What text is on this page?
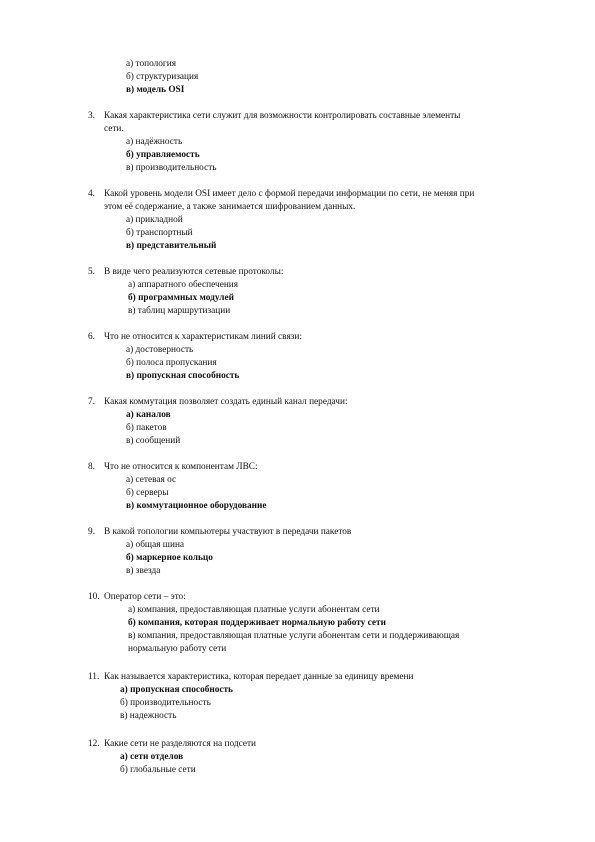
а) топология
б) структуризация
в) модель OSI
3. Какая характеристика сети служит для возможности контролировать составные элементы
сети.
а) надёжность
б) управляемость
в) производительность
4. Какой уровень модели OSI имеет дело с формой передачи информации по сети, не меняя при
этом её содержание, а также занимается шифрованием данных.
а) прикладной
б) транспортный
в) представительный
5. В виде чего реализуются сетевые протоколы:
а) аппаратного обеспечения
б) программных модулей
в) таблиц маршрутизации
6. Что не относится к характеристикам линий связи:
а) достоверность
б) полоса пропускания
в) пропускная способность
7. Какая коммутация позволяет создать единый канал передачи:
а) каналов
б) пакетов
в) сообщений
8. Что не относится к компонентам ЛВС:
а) сетевая ос
б) серверы
в) коммутационное оборудование
9. В какой топологии компьютеры участвуют в передачи пакетов
а) общая шина
б) маркерное кольцо
в) звезда
10. Оператор сети – это:
а) компания, предоставляющая платные услуги абонентам сети
б) компания, которая поддерживает нормальную работу сети
в) компания, предоставляющая платные услуги абонентам сети и поддерживающая
нормальную работу сети
11. Как называется характеристика, которая передает данные за единицу времени
а) пропускная способность
б) производительность
в) надежность
12. Какие сети не разделяются на подсети
а) сети отделов
б) глобальные сети
